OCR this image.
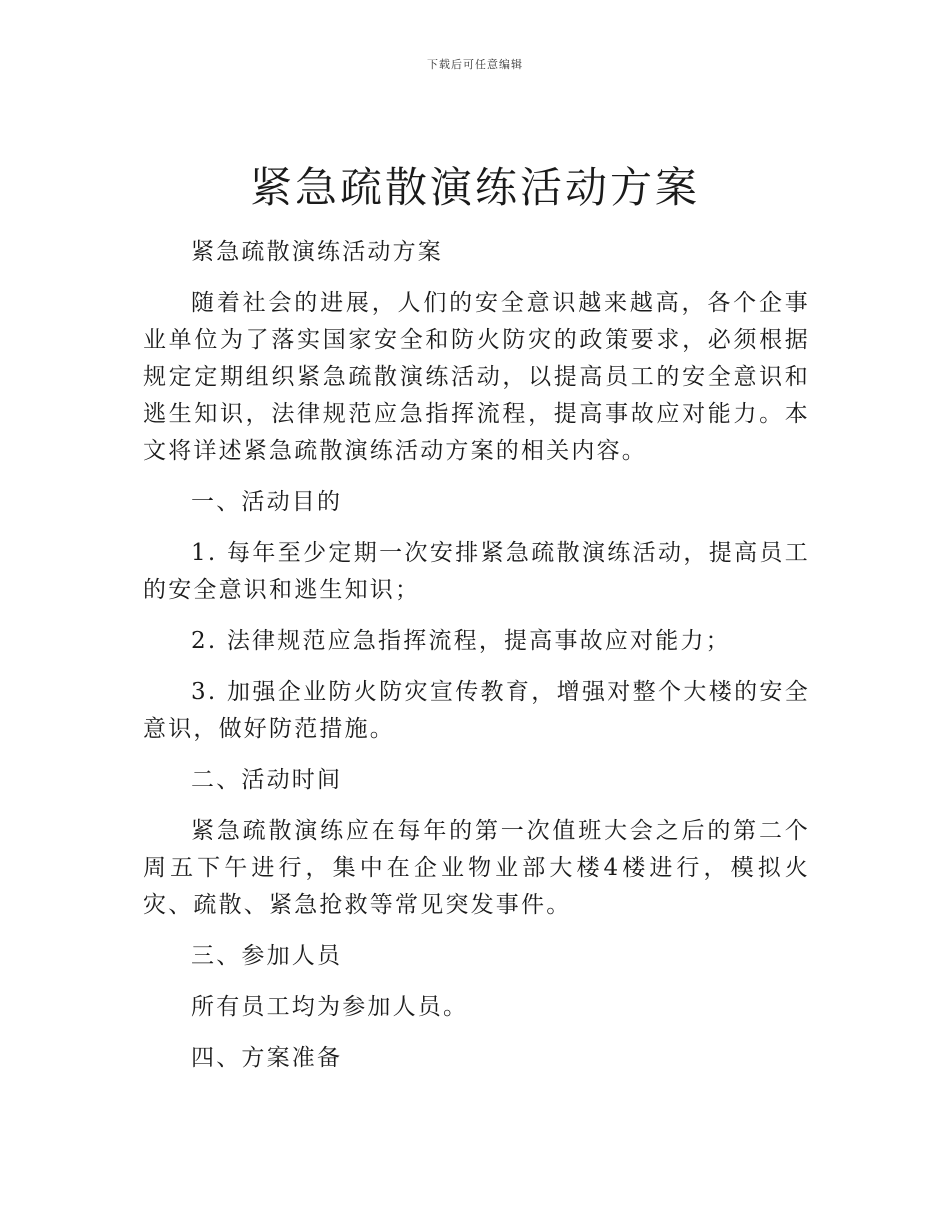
下载后可任意编辑
紧急疏散演练活动方案

紧急疏散演练活动方案

随着社会的进展，人们的安全意识越来越高，各个企事业单位为了落实国家安全和防火防灾的政策要求，必须根据规定定期组织紧急疏散演练活动，以提高员工的安全意识和逃生知识，法律规范应急指挥流程，提高事故应对能力。本文将详述紧急疏散演练活动方案的相关内容。

一、活动目的

1. 每年至少定期一次安排紧急疏散演练活动，提高员工的安全意识和逃生知识；

2. 法律规范应急指挥流程，提高事故应对能力；

3. 加强企业防火防灾宣传教育，增强对整个大楼的安全意识，做好防范措施。

二、活动时间

紧急疏散演练应在每年的第一次值班大会之后的第二个周五下午进行，集中在企业物业部大楼4楼进行，模拟火灾、疏散、紧急抢救等常见突发事件。

三、参加人员

所有员工均为参加人员。

四、方案准备
